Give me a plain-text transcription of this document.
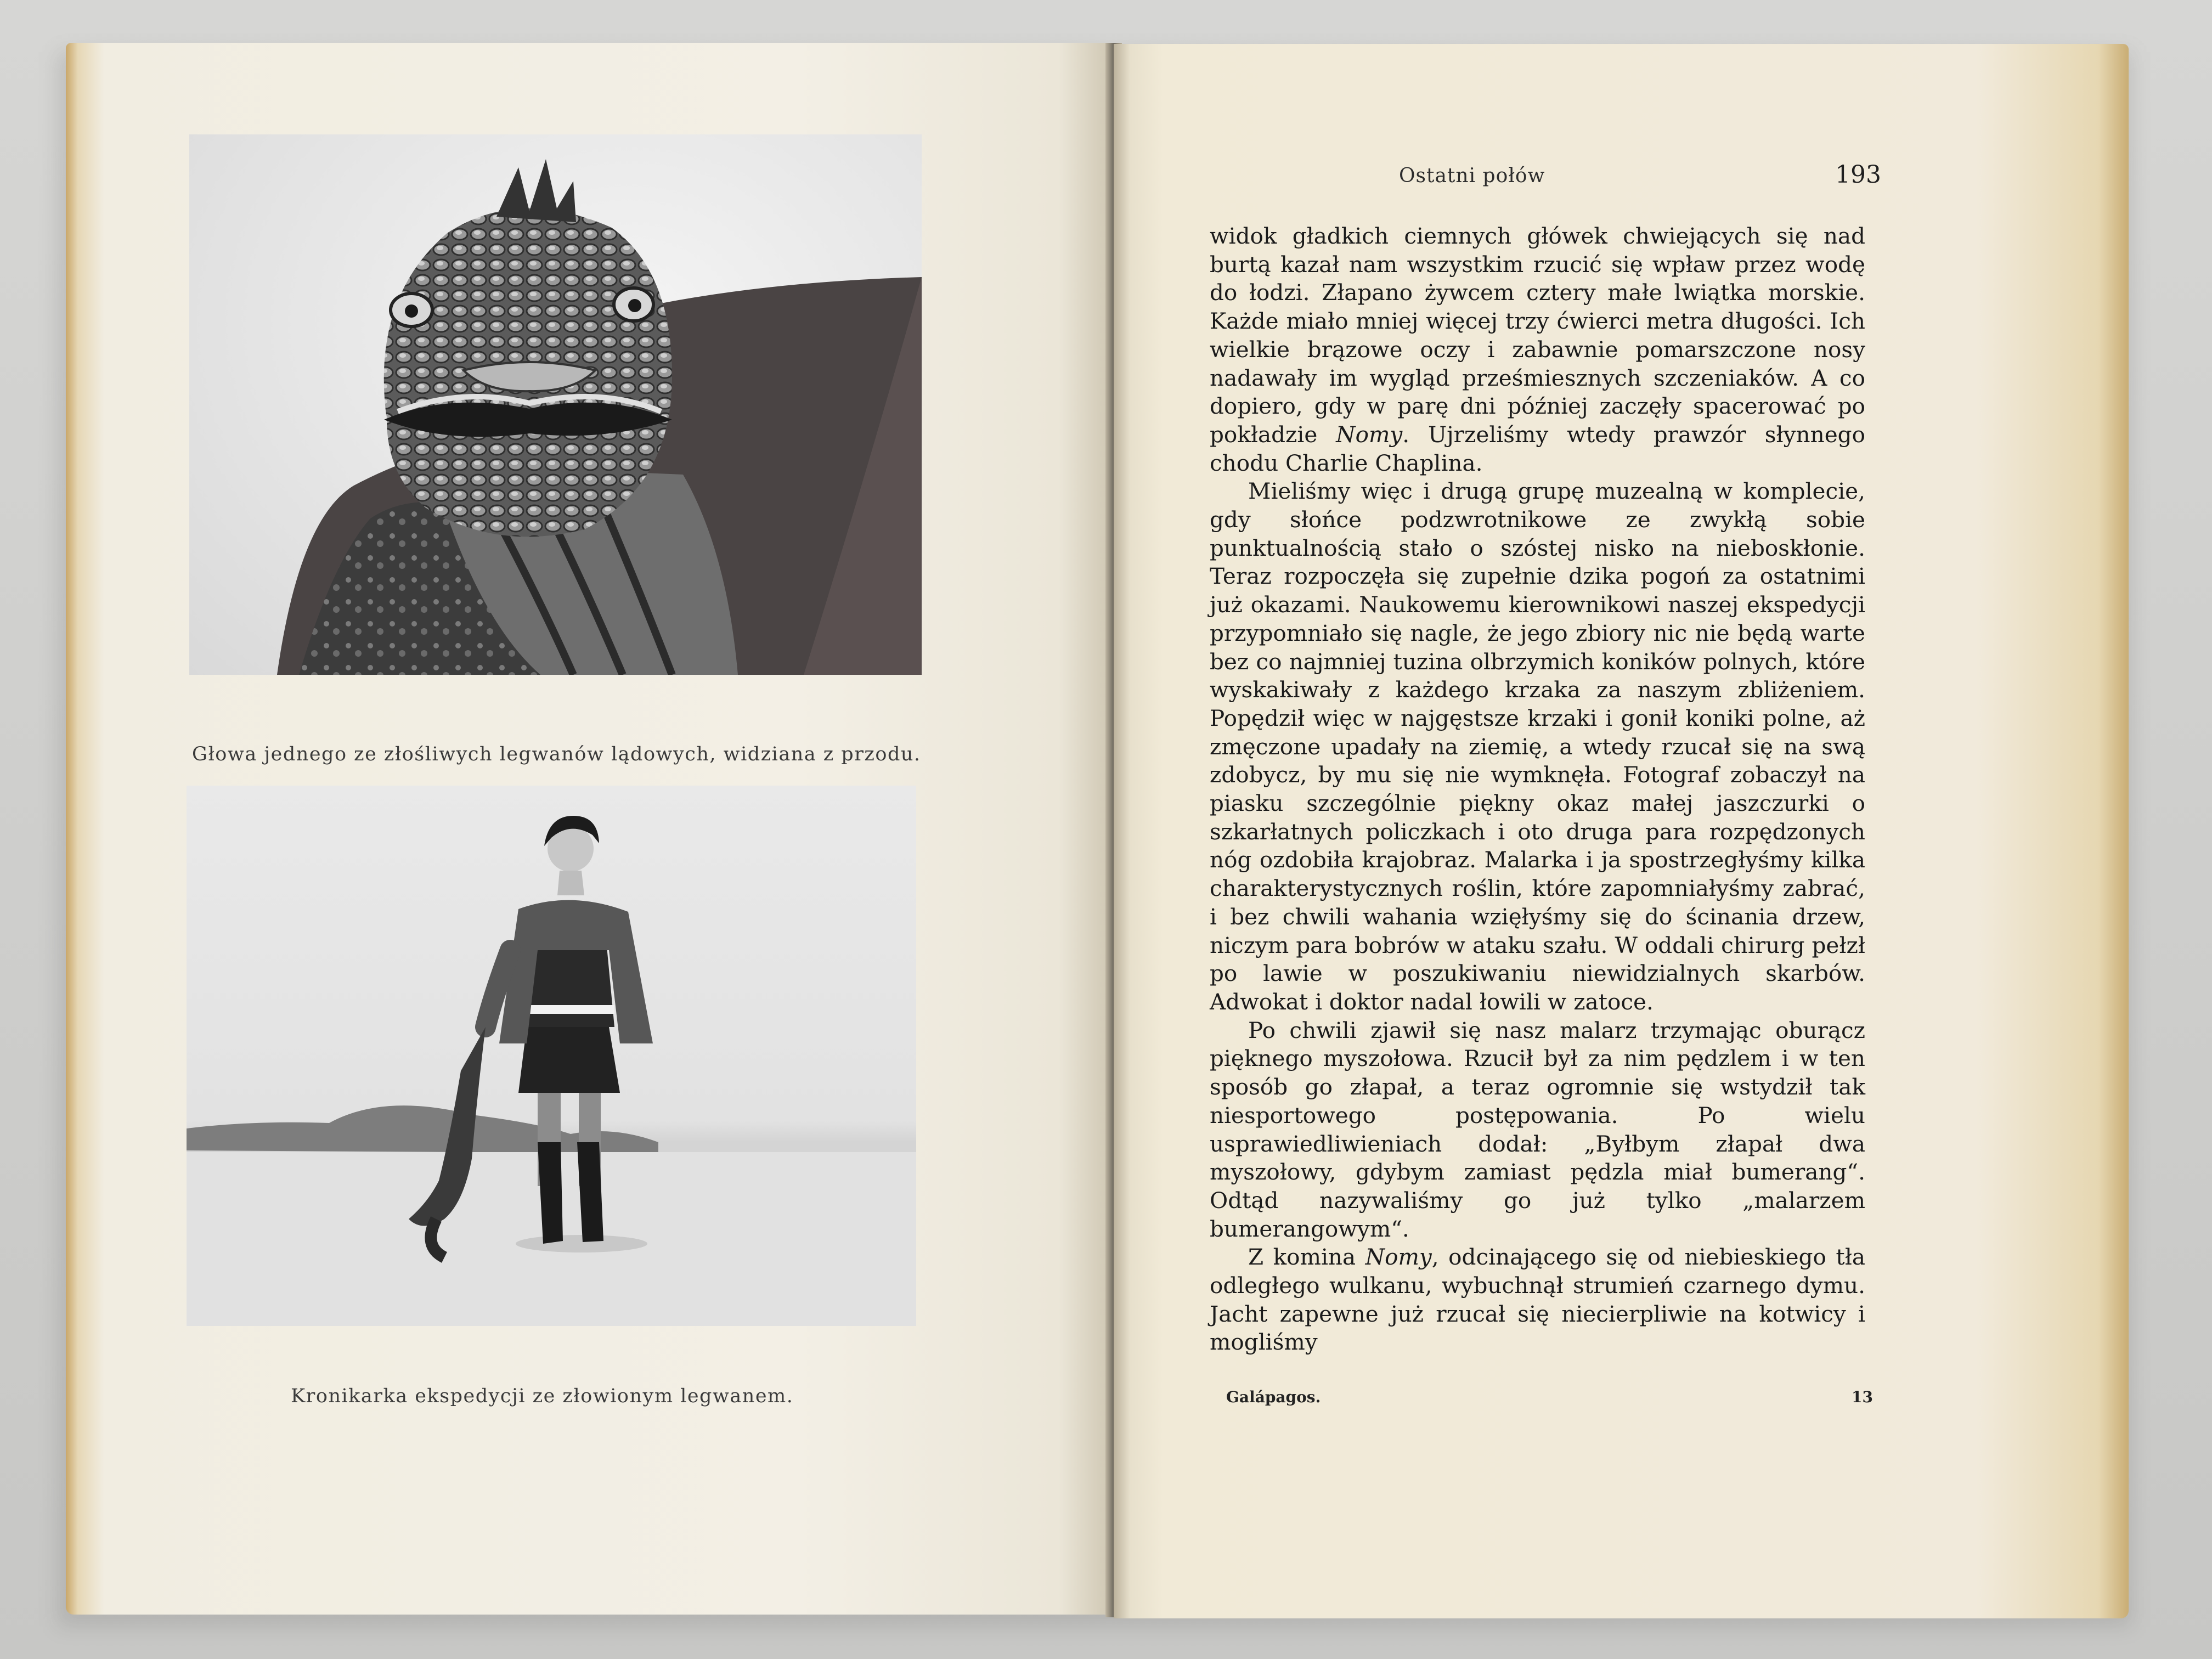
Głowa jednego ze złośliwych legwanów lądowych, widziana z przodu.
Kronikarka ekspedycji ze złowionym legwanem.
Ostatni połów	193

widok gładkich ciemnych główek chwiejących się nad burtą kazał nam wszystkim rzucić się wpław przez wodę do łodzi. Złapano żywcem cztery małe lwiątka morskie. Każde miało mniej więcej trzy ćwierci metra długości. Ich wielkie brązowe oczy i zabawnie pomarszczone nosy nadawały im wygląd prześmiesznych szczeniaków. A co dopiero, gdy w parę dni później zaczęły spacerować po pokładzie Nomy. Ujrzeliśmy wtedy prawzór słynnego chodu Charlie Chaplina.

Mieliśmy więc i drugą grupę muzealną w komplecie, gdy słońce podzwrotnikowe ze zwykłą sobie punktualnością stało o szóstej nisko na nieboskłonie. Teraz rozpoczęła się zupełnie dzika pogoń za ostatnimi już okazami. Naukowemu kierownikowi naszej ekspedycji przypomniało się nagle, że jego zbiory nic nie będą warte bez co najmniej tuzina olbrzymich koników polnych, które wyskakiwały z każdego krzaka za naszym zbliżeniem. Popędził więc w najgęstsze krzaki i gonił koniki polne, aż zmęczone upadały na ziemię, a wtedy rzucał się na swą zdobycz, by mu się nie wymknęła. Fotograf zobaczył na piasku szczególnie piękny okaz małej jaszczurki o szkarłatnych policzkach i oto druga para rozpędzonych nóg ozdobiła krajobraz. Malarka i ja spostrzegłyśmy kilka charakterystycznych roślin, które zapomniałyśmy zabrać, i bez chwili wahania wzięłyśmy się do ścinania drzew, niczym para bobrów w ataku szału. W oddali chirurg pełzł po lawie w poszukiwaniu niewidzialnych skarbów. Adwokat i doktor nadal łowili w zatoce.

Po chwili zjawił się nasz malarz trzymając oburącz pięknego myszołowa. Rzucił był za nim pędzlem i w ten sposób go złapał, a teraz ogromnie się wstydził tak niesportowego postępowania. Po wielu usprawiedliwieniach dodał: „Byłbym złapał dwa myszołowy, gdybym zamiast pędzla miał bumerang“. Odtąd nazywaliśmy go już tylko „malarzem bumerangowym“.

Z komina Nomy, odcinającego się od niebieskiego tła odległego wulkanu, wybuchnął strumień czarnego dymu. Jacht zapewne już rzucał się niecierpliwie na kotwicy i mogliśmy

Galápagos.	13
